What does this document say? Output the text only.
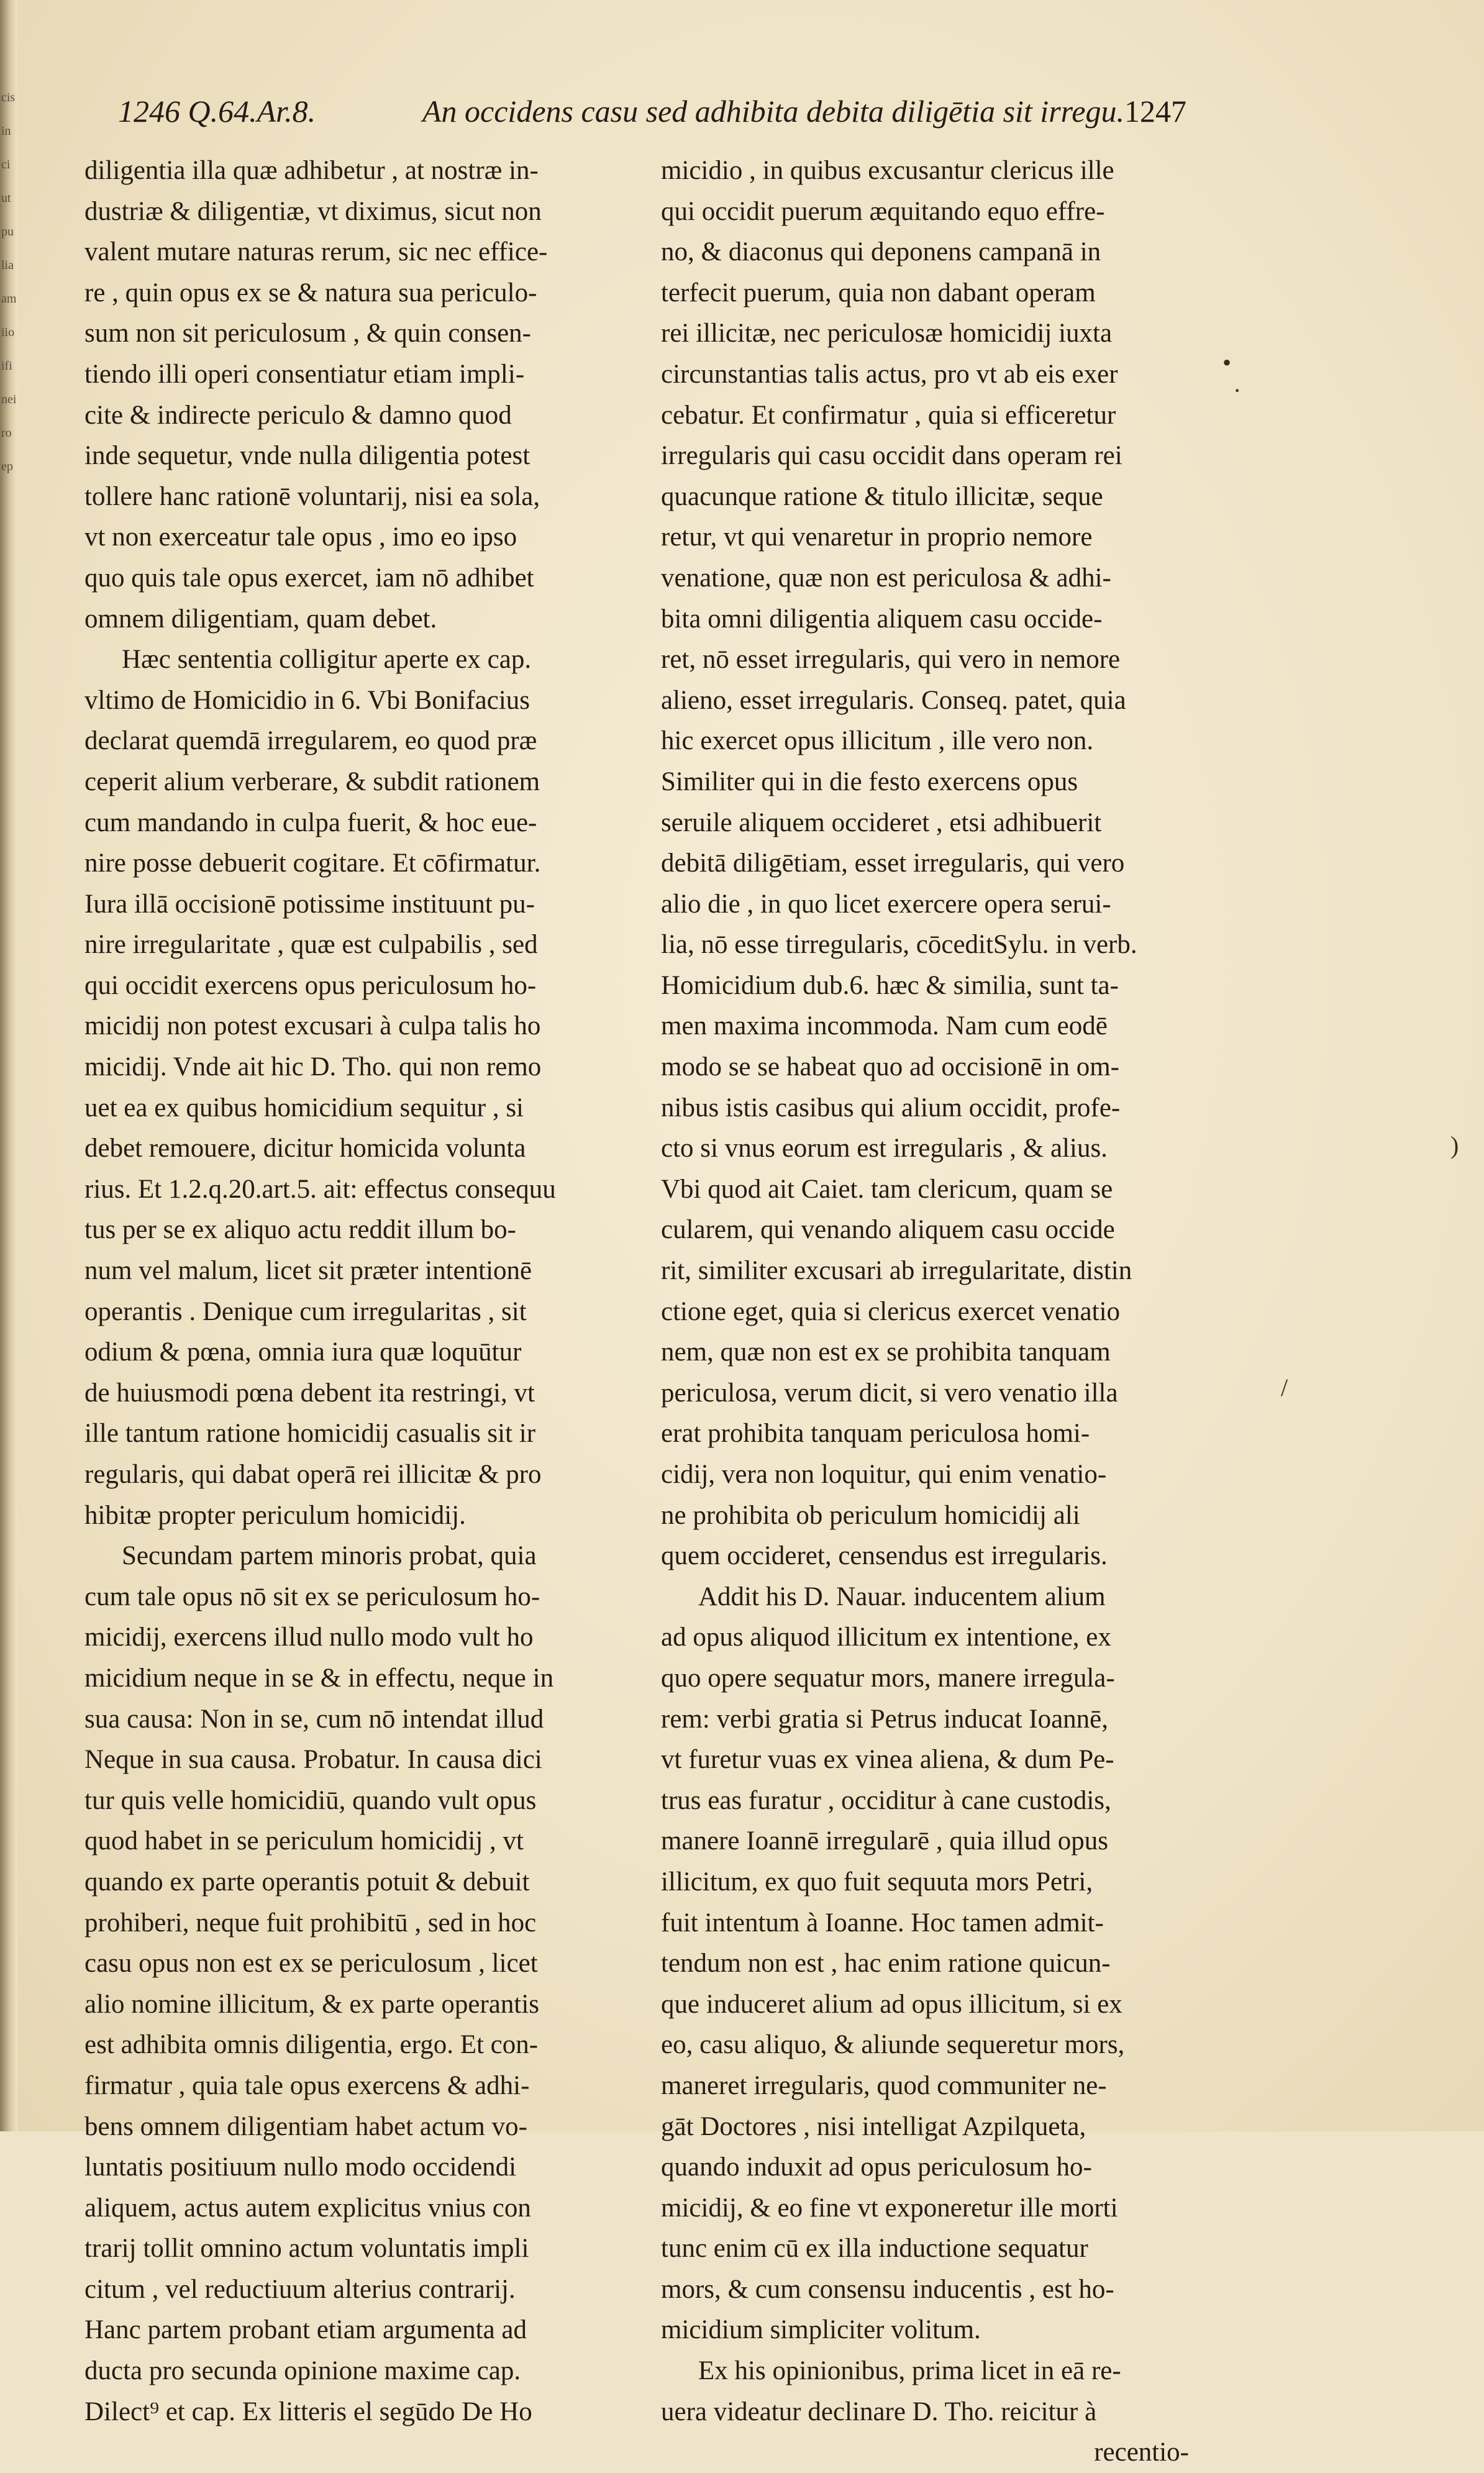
cis
in
ci
ut
pu
lia
am
iio
ifi
nei
ro
ep
1246 Q.64.Ar.8.	An occidens casu sed adhibita debita diligētia sit irregu. 1247
diligentia illa quæ adhibetur , at nostræ in-
dustriæ & diligentiæ, vt diximus, sicut non
valent mutare naturas rerum, sic nec effice-
re , quin opus ex se & natura sua periculo-
sum non sit periculosum , & quin consen-
tiendo illi operi consentiatur etiam impli-
cite & indirecte periculo & damno quod
inde sequetur, vnde nulla diligentia potest
tollere hanc rationē voluntarij, nisi ea sola,
vt non exerceatur tale opus , imo eo ipso
quo quis tale opus exercet, iam nō adhibet
omnem diligentiam, quam debet.
Hæc sententia colligitur aperte ex cap.
vltimo de Homicidio in 6. Vbi Bonifacius
declarat quemdā irregularem, eo quod præ
ceperit alium verberare, & subdit rationem
cum mandando in culpa fuerit, & hoc eue-
nire posse debuerit cogitare. Et cōfirmatur.
Iura illā occisionē potissime instituunt pu-
nire irregularitate , quæ est culpabilis , sed
qui occidit exercens opus periculosum ho-
micidij non potest excusari à culpa talis ho
micidij. Vnde ait hic D. Tho. qui non remo
uet ea ex quibus homicidium sequitur , si
debet remouere, dicitur homicida volunta
rius. Et 1.2.q.20.art.5. ait: effectus consequu
tus per se ex aliquo actu reddit illum bo-
num vel malum, licet sit præter intentionē
operantis . Denique cum irregularitas , sit
odium & pœna, omnia iura quæ loquūtur
de huiusmodi pœna debent ita restringi, vt
ille tantum ratione homicidij casualis sit ir
regularis, qui dabat operā rei illicitæ & pro
hibitæ propter periculum homicidij.
Secundam partem minoris probat, quia
cum tale opus nō sit ex se periculosum ho-
micidij, exercens illud nullo modo vult ho
micidium neque in se & in effectu, neque in
sua causa: Non in se, cum nō intendat illud
Neque in sua causa. Probatur. In causa dici
tur quis velle homicidiū, quando vult opus
quod habet in se periculum homicidij , vt
quando ex parte operantis potuit & debuit
prohiberi, neque fuit prohibitū , sed in hoc
casu opus non est ex se periculosum , licet
alio nomine illicitum, & ex parte operantis
est adhibita omnis diligentia, ergo. Et con-
firmatur , quia tale opus exercens & adhi-
bens omnem diligentiam habet actum vo-
luntatis positiuum nullo modo occidendi
aliquem, actus autem explicitus vnius con
trarij tollit omnino actum voluntatis impli
citum , vel reductiuum alterius contrarij.
Hanc partem probant etiam argumenta ad
ducta pro secunda opinione maxime cap.
Dilect⁹ et cap. Ex litteris el segūdo De Ho
micidio , in quibus excusantur clericus ille
qui occidit puerum æquitando equo effre-
no, & diaconus qui deponens campanā in
terfecit puerum, quia non dabant operam
rei illicitæ, nec periculosæ homicidij iuxta
circunstantias talis actus, pro vt ab eis exer
cebatur. Et confirmatur , quia si efficeretur
irregularis qui casu occidit dans operam rei
quacunque ratione & titulo illicitæ, seque
retur, vt qui venaretur in proprio nemore
venatione, quæ non est periculosa & adhi-
bita omni diligentia aliquem casu occide-
ret, nō esset irregularis, qui vero in nemore
alieno, esset irregularis. Conseq. patet, quia
hic exercet opus illicitum , ille vero non.
Similiter qui in die festo exercens opus
seruile aliquem occideret , etsi adhibuerit
debitā diligētiam, esset irregularis, qui vero
alio die , in quo licet exercere opera serui-
lia, nō esse tirregularis, cōceditSylu. in verb.
Homicidium dub.6. hæc & similia, sunt ta-
men maxima incommoda. Nam cum eodē
modo se se habeat quo ad occisionē in om-
nibus istis casibus qui alium occidit, profe-
cto si vnus eorum est irregularis , & alius.
Vbi quod ait Caiet. tam clericum, quam se
cularem, qui venando aliquem casu occide
rit, similiter excusari ab irregularitate, distin
ctione eget, quia si clericus exercet venatio
nem, quæ non est ex se prohibita tanquam
periculosa, verum dicit, si vero venatio illa
erat prohibita tanquam periculosa homi-
cidij, vera non loquitur, qui enim venatio-
ne prohibita ob periculum homicidij ali
quem occideret, censendus est irregularis.
Addit his D. Nauar. inducentem alium
ad opus aliquod illicitum ex intentione, ex
quo opere sequatur mors, manere irregula-
rem: verbi gratia si Petrus inducat Ioannē,
vt furetur vuas ex vinea aliena, & dum Pe-
trus eas furatur , occiditur à cane custodis,
manere Ioannē irregularē , quia illud opus
illicitum, ex quo fuit sequuta mors Petri,
fuit intentum à Ioanne. Hoc tamen admit-
tendum non est , hac enim ratione quicun-
que induceret alium ad opus illicitum, si ex
eo, casu aliquo, & aliunde sequeretur mors,
maneret irregularis, quod communiter ne-
gāt Doctores , nisi intelligat Azpilqueta,
quando induxit ad opus periculosum ho-
micidij, & eo fine vt exponeretur ille morti
tunc enim cū ex illa inductione sequatur
mors, & cum consensu inducentis , est ho-
micidium simpliciter volitum.
Ex his opinionibus, prima licet in eā re-
uera videatur declinare D. Tho. reicitur à
recentio-
•
·
)
/
